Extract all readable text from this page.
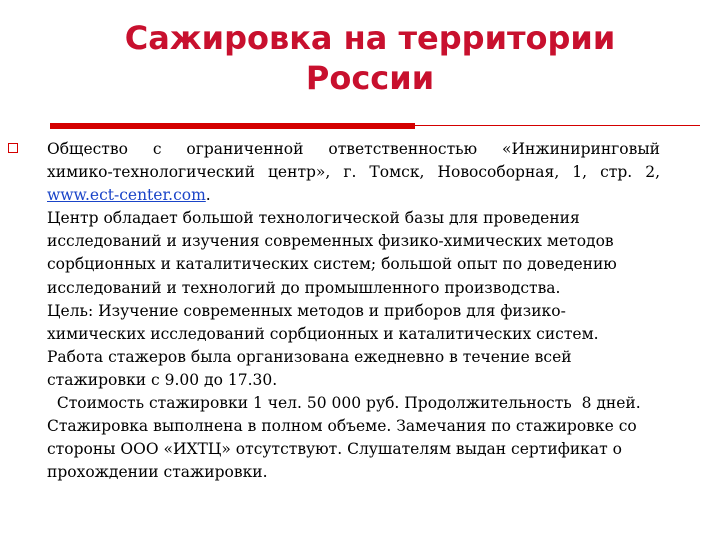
Сажировка на территории
России
Общество с ограниченной ответственностью «Инжиниринговый
химико-технологический центр», г. Томск, Новособорная, 1, стр. 2,
www.ect-center.com.
Центр обладает большой технологической базы для проведения
исследований и изучения современных физико-химических методов
сорбционных и каталитических систем; большой опыт по доведению
исследований и технологий до промышленного производства.
Цель: Изучение современных методов и приборов для физико-
химических исследований сорбционных и каталитических систем.
Работа стажеров была организована ежедневно в течение всей
стажировки с 9.00 до 17.30.
Стоимость стажировки 1 чел. 50 000 руб. Продолжительность  8 дней.
Стажировка выполнена в полном объеме. Замечания по стажировке со
стороны ООО «ИХТЦ» отсутствуют. Слушателям выдан сертификат о
прохождении стажировки.
